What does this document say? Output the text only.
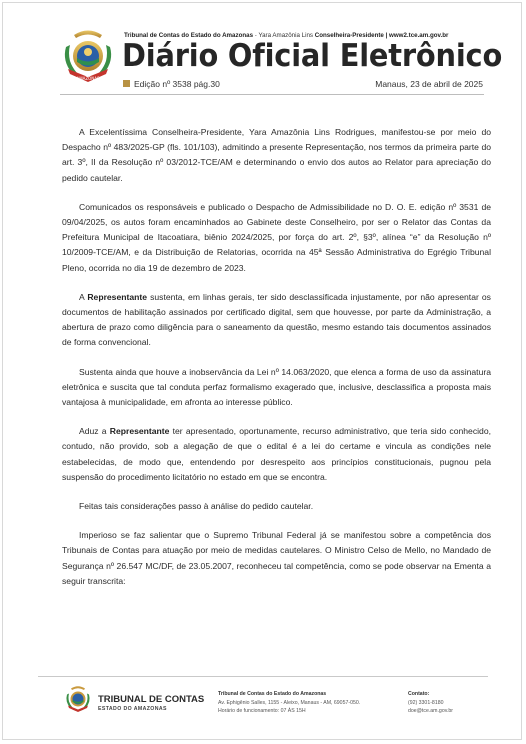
AMAZONAS
Tribunal de Contas do Estado do Amazonas - Yara Amazônia Lins Conselheira-Presidente | www2.tce.am.gov.br
Diário Oficial Eletrônico
Edição nº 3538 pág.30	Manaus, 23 de abril de 2025

A Excelentíssima Conselheira-Presidente, Yara Amazônia Lins Rodrigues, manifestou-se por meio do Despacho nº 483/2025-GP (fls. 101/103), admitindo a presente Representação, nos termos da primeira parte do art. 3º, II da Resolução nº 03/2012-TCE/AM e determinando o envio dos autos ao Relator para apreciação do pedido cautelar.

Comunicados os responsáveis e publicado o Despacho de Admissibilidade no D. O. E. edição nº 3531 de 09/04/2025, os autos foram encaminhados ao Gabinete deste Conselheiro, por ser o Relator das Contas da Prefeitura Municipal de Itacoatiara, biênio 2024/2025, por força do art. 2º, §3º, alínea “e” da Resolução nº 10/2009-TCE/AM, e da Distribuição de Relatorias, ocorrida na 45ª Sessão Administrativa do Egrégio Tribunal Pleno, ocorrida no dia 19 de dezembro de 2023.

A Representante sustenta, em linhas gerais, ter sido desclassificada injustamente, por não apresentar os documentos de habilitação assinados por certificado digital, sem que houvesse, por parte da Administração, a abertura de prazo como diligência para o saneamento da questão, mesmo estando tais documentos assinados de forma convencional.

Sustenta ainda que houve a inobservância da Lei nº 14.063/2020, que elenca a forma de uso da assinatura eletrônica e suscita que tal conduta perfaz formalismo exagerado que, inclusive, desclassifica a proposta mais vantajosa à municipalidade, em afronta ao interesse público.

Aduz a Representante ter apresentado, oportunamente, recurso administrativo, que teria sido conhecido, contudo, não provido, sob a alegação de que o edital é a lei do certame e vincula as condições nele estabelecidas, de modo que, entendendo por desrespeito aos princípios constitucionais, pugnou pela suspensão do procedimento licitatório no estado em que se encontra.

Feitas tais considerações passo à análise do pedido cautelar.

Imperioso se faz salientar que o Supremo Tribunal Federal já se manifestou sobre a competência dos Tribunais de Contas para atuação por meio de medidas cautelares. O Ministro Celso de Mello, no Mandado de Segurança nº 26.547 MC/DF, de 23.05.2007, reconheceu tal competência, como se pode observar na Ementa a seguir transcrita:

TRIBUNAL DE CONTAS
ESTADO DO AMAZONAS
Tribunal de Contas do Estado do Amazonas
Av. Ephigênio Salles, 1155 - Aleixo, Manaus - AM, 69057-050.
Horário de funcionamento: 07 ÀS 15H
Contato:
(92) 3301-8180
doe@tce.am.gov.br
